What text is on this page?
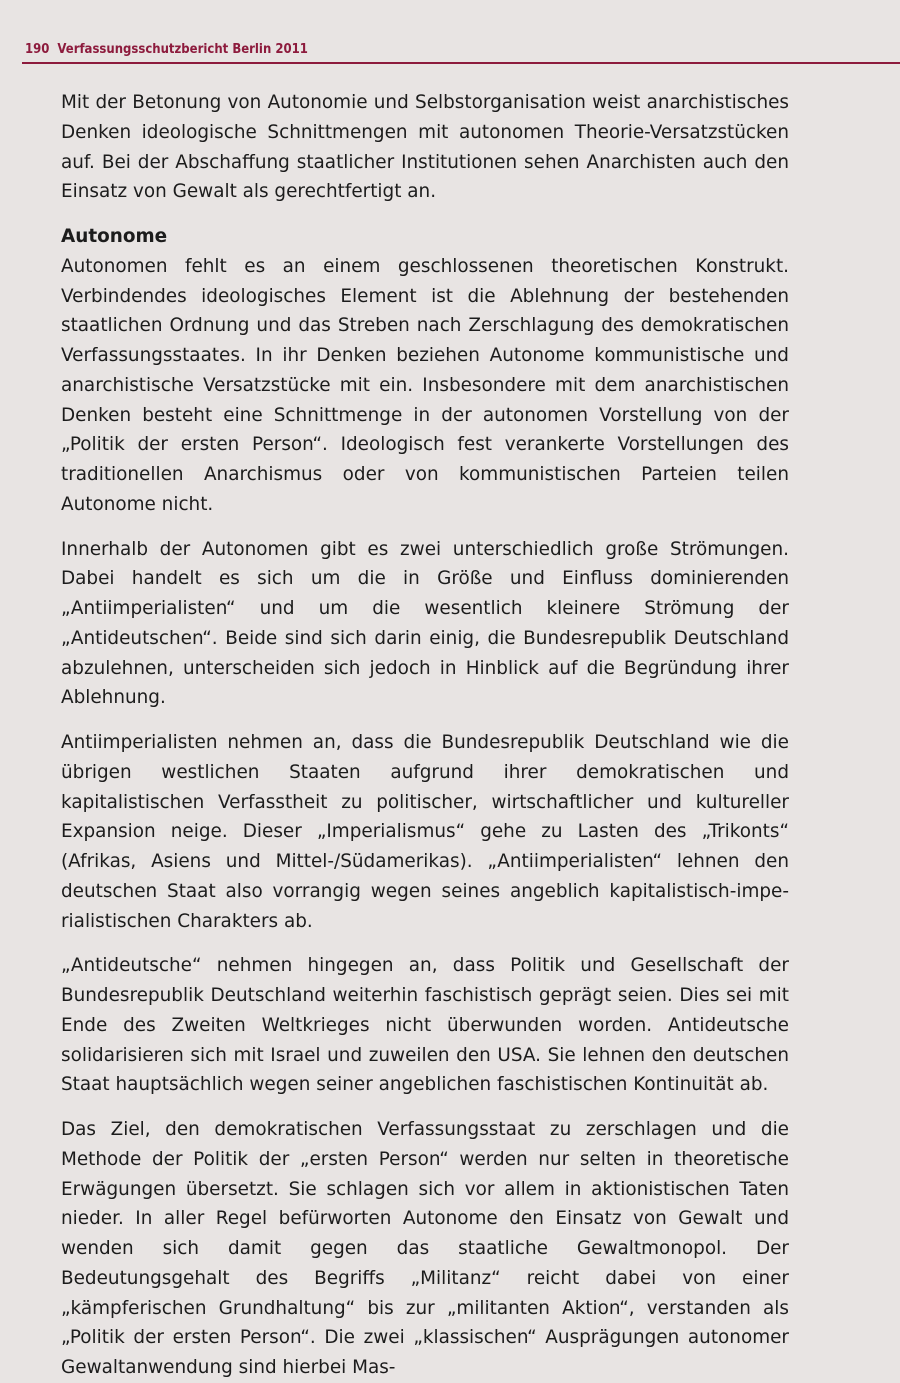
190 Verfassungsschutzbericht Berlin 2011

Mit der Betonung von Autonomie und Selbstorganisation weist anarchistisches Denken ideologische Schnittmengen mit autonomen Theorie-Versatzstücken auf. Bei der Abschaffung staatlicher Institutionen sehen Anarchisten auch den Einsatz von Gewalt als gerechtfertigt an.

Autonome

Autonomen fehlt es an einem geschlossenen theoretischen Konstrukt. Verbindendes ideologisches Element ist die Ablehnung der bestehenden staatlichen Ordnung und das Streben nach Zerschlagung des demokratischen Verfassungsstaates. In ihr Denken beziehen Autonome kommunistische und anarchistische Versatzstücke mit ein. Insbesondere mit dem anarchistischen Denken besteht eine Schnittmenge in der autonomen Vorstellung von der „Politik der ersten Person“. Ideologisch fest verankerte Vorstellungen des traditionellen Anarchismus oder von kommunistischen Parteien teilen Autonome nicht.

Innerhalb der Autonomen gibt es zwei unterschiedlich große Strömungen. Dabei handelt es sich um die in Größe und Einfluss dominierenden „Antiimperialisten“ und um die wesentlich kleinere Strömung der „Antideutschen“. Beide sind sich darin einig, die Bundesrepublik Deutschland abzulehnen, unterscheiden sich jedoch in Hinblick auf die Begründung ihrer Ablehnung.

Antiimperialisten nehmen an, dass die Bundesrepublik Deutschland wie die übrigen westlichen Staaten aufgrund ihrer demokratischen und kapitalistischen Verfasstheit zu politischer, wirtschaftlicher und kultureller Expansion neige. Dieser „Imperialismus“ gehe zu Lasten des „Trikonts“ (Afrikas, Asiens und Mittel-/Südamerikas). „Antiimperialisten“ lehnen den deutschen Staat also vorrangig wegen seines angeblich kapitalistisch-imperialistischen Charakters ab.

„Antideutsche“ nehmen hingegen an, dass Politik und Gesellschaft der Bundesrepublik Deutschland weiterhin faschistisch geprägt seien. Dies sei mit Ende des Zweiten Weltkrieges nicht überwunden worden. Antideutsche solidarisieren sich mit Israel und zuweilen den USA. Sie lehnen den deutschen Staat hauptsächlich wegen seiner angeblichen faschistischen Kontinuität ab.

Das Ziel, den demokratischen Verfassungsstaat zu zerschlagen und die Methode der Politik der „ersten Person“ werden nur selten in theoretische Erwägungen übersetzt. Sie schlagen sich vor allem in aktionistischen Taten nieder. In aller Regel befürworten Autonome den Einsatz von Gewalt und wenden sich damit gegen das staatliche Gewaltmonopol. Der Bedeutungsgehalt des Begriffs „Militanz“ reicht dabei von einer „kämpferischen Grundhaltung“ bis zur „militanten Aktion“, verstanden als „Politik der ersten Person“. Die zwei „klassischen“ Ausprägungen autonomer Gewaltanwendung sind hierbei Mas-
